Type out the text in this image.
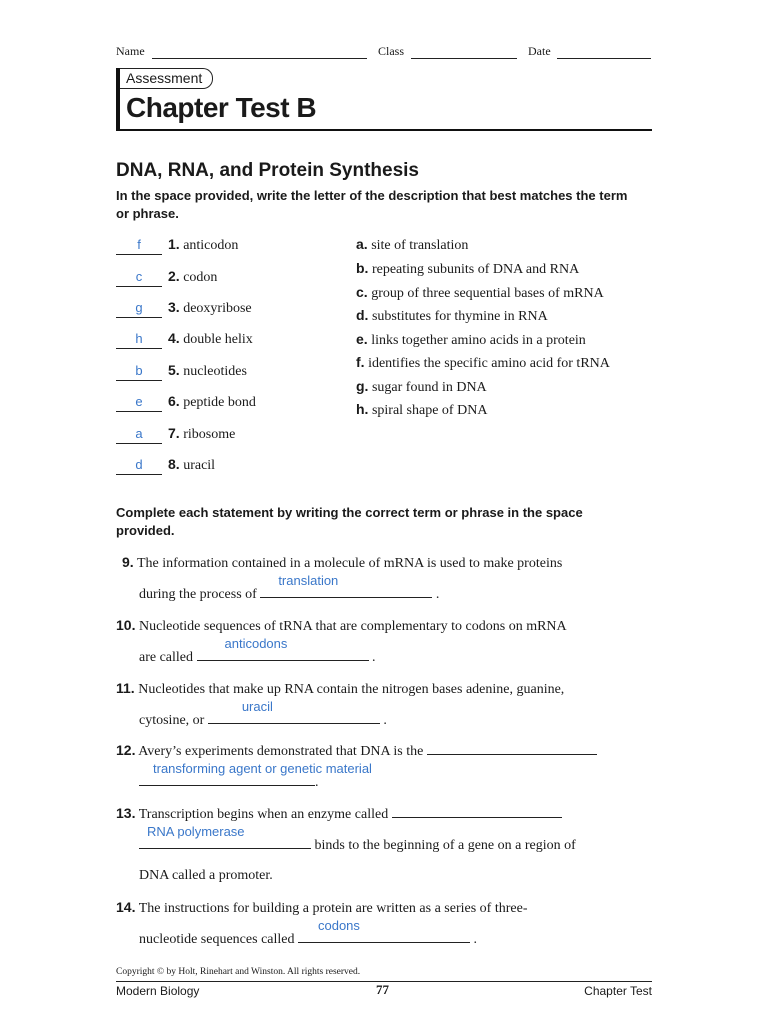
Name	Class	Date
Assessment
Chapter Test B
DNA, RNA, and Protein Synthesis
In the space provided, write the letter of the description that best matches the term or phrase.
f 1. anticodon
c 2. codon
g 3. deoxyribose
h 4. double helix
b 5. nucleotides
e 6. peptide bond
a 7. ribosome
d 8. uracil
a. site of translation
b. repeating subunits of DNA and RNA
c. group of three sequential bases of mRNA
d. substitutes for thymine in RNA
e. links together amino acids in a protein
f. identifies the specific amino acid for tRNA
g. sugar found in DNA
h. spiral shape of DNA
Complete each statement by writing the correct term or phrase in the space provided.
9. The information contained in a molecule of mRNA is used to make proteins
during the process of
translation
.
10. Nucleotide sequences of tRNA that are complementary to codons on mRNA
are called
anticodons
.
11. Nucleotides that make up RNA contain the nitrogen bases adenine, guanine,
cytosine, or
uracil
.
12. Avery’s experiments demonstrated that DNA is the
transforming agent or genetic material
.
13. Transcription begins when an enzyme called
RNA polymerase
binds to the beginning of a gene on a region of
DNA called a promoter.
14. The instructions for building a protein are written as a series of three-
nucleotide sequences called
codons
.
Copyright © by Holt, Rinehart and Winston. All rights reserved.
Modern Biology	77	Chapter Test
